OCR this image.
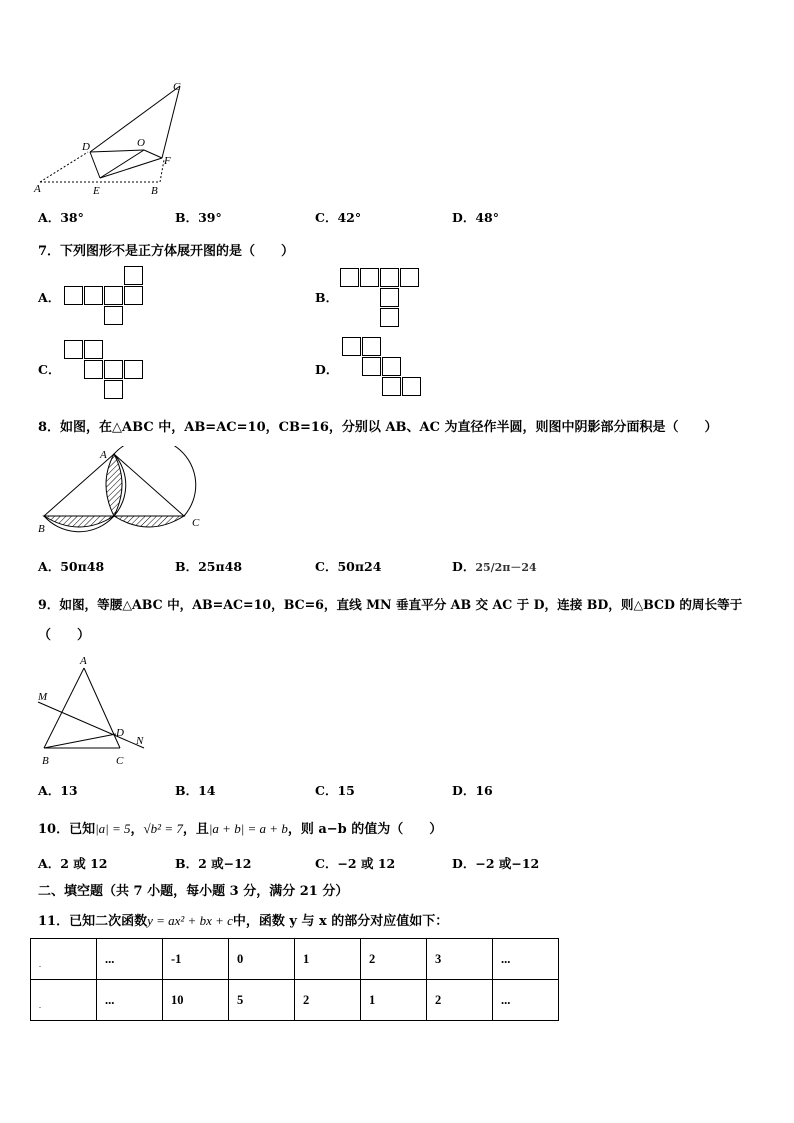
C
D	O
F
A	E	B
A．38°	B．39°	C．42°	D．48°
7．下列图形不是正方体展开图的是（　　）
A．	B．
C．	D．
8．如图，在△ABC 中，AB=AC=10，CB=16，分别以 AB、AC 为直径作半圆，则图中阴影部分面积是（　　）
A
B	C
A．50π48	B．25π48	C．50π24	D．25/2π－24
9．如图，等腰△ABC 中，AB=AC=10，BC=6，直线 MN 垂直平分 AB 交 AC 于 D，连接 BD，则△BCD 的周长等于
（　　）
A
M
D
N
B	C
A．13	B．14	C．15	D．16
10．已知|a| = 5，√b² = 7，且|a + b| = a + b，则 a−b 的值为（　　）
A．2 或 12	B．2 或−12	C．−2 或 12	D．−2 或−12
二、填空题（共 7 小题，每小题 3 分，满分 21 分）
11．已知二次函数y = ax² + bx + c中，函数 y 与 x 的部分对应值如下：
.	...	-1	0	1	2	3	...
.	...	10	5	2	1	2	...
